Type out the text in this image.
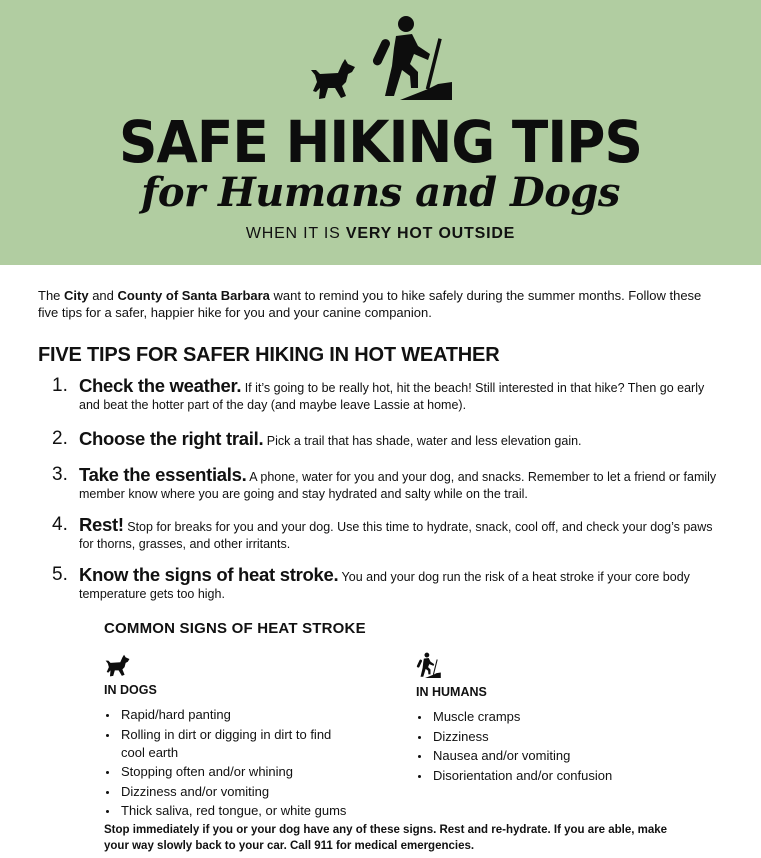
SAFE HIKING TIPS
for Humans and Dogs
WHEN IT IS VERY HOT OUTSIDE

The City and County of Santa Barbara want to remind you to hike safely during the summer months. Follow these five tips for a safer, happier hike for you and your canine companion.

FIVE TIPS FOR SAFER HIKING IN HOT WEATHER
1. Check the weather. If it’s going to be really hot, hit the beach! Still interested in that hike? Then go early and beat the hotter part of the day (and maybe leave Lassie at home).
2. Choose the right trail. Pick a trail that has shade, water and less elevation gain.
3. Take the essentials. A phone, water for you and your dog, and snacks. Remember to let a friend or family member know where you are going and stay hydrated and salty while on the trail.
4. Rest! Stop for breaks for you and your dog. Use this time to hydrate, snack, cool off, and check your dog’s paws for thorns, grasses, and other irritants.
5. Know the signs of heat stroke. You and your dog run the risk of a heat stroke if your core body temperature gets too high.
COMMON SIGNS OF HEAT STROKE
IN DOGS
Rapid/hard panting
Rolling in dirt or digging in dirt to find cool earth
Stopping often and/or whining
Dizziness and/or vomiting
Thick saliva, red tongue, or white gums
IN HUMANS
Muscle cramps
Dizziness
Nausea and/or vomiting
Disorientation and/or confusion
Stop immediately if you or your dog have any of these signs. Rest and re-hydrate. If you are able, make your way slowly back to your car. Call 911 for medical emergencies.
